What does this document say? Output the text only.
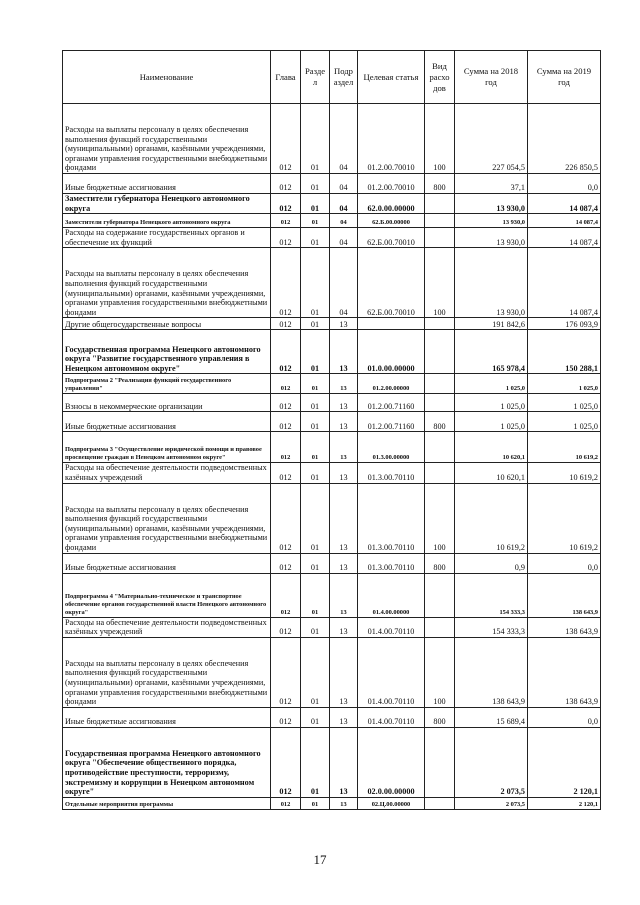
Наименование	Глава	Разде л	Подр аздел	Целевая статья	Вид расхо дов	Сумма на 2018 год	Сумма на 2019 год
Расходы на выплаты персоналу в целях обеспечения выполнения функций государственными (муниципальными) органами, казёнными учреждениями, органами управления государственными внебюджетными фондами	012	01	04	01.2.00.70010	100	227 054,5	226 850,5
Иные бюджетные ассигнования	012	01	04	01.2.00.70010	800	37,1	0,0
Заместители губернатора Ненецкого автономного округа	012	01	04	62.0.00.00000		13 930,0	14 087,4
Заместители губернатора Ненецкого автономного округа	012	01	04	62.Б.00.00000		13 930,0	14 087,4
Расходы на содержание государственных органов и обеспечение их функций	012	01	04	62.Б.00.70010		13 930,0	14 087,4
Расходы на выплаты персоналу в целях обеспечения выполнения функций государственными (муниципальными) органами, казёнными учреждениями, органами управления государственными внебюджетными фондами	012	01	04	62.Б.00.70010	100	13 930,0	14 087,4
Другие общегосударственные вопросы	012	01	13			191 842,6	176 093,9
Государственная программа Ненецкого автономного округа "Развитие государственного управления в Ненецком автономном округе"	012	01	13	01.0.00.00000		165 978,4	150 288,1
Подпрограмма 2 "Реализация функций государственного управления"	012	01	13	01.2.00.00000		1 025,0	1 025,0
Взносы в некоммерческие организации	012	01	13	01.2.00.71160		1 025,0	1 025,0
Иные бюджетные ассигнования	012	01	13	01.2.00.71160	800	1 025,0	1 025,0
Подпрограмма 3 "Осуществление юридической помощи и правовое просвещение граждан в Ненецком автономном округе"	012	01	13	01.3.00.00000		10 620,1	10 619,2
Расходы на обеспечение деятельности подведомственных казённых учреждений	012	01	13	01.3.00.70110		10 620,1	10 619,2
Расходы на выплаты персоналу в целях обеспечения выполнения функций государственными (муниципальными) органами, казёнными учреждениями, органами управления государственными внебюджетными фондами	012	01	13	01.3.00.70110	100	10 619,2	10 619,2
Иные бюджетные ассигнования	012	01	13	01.3.00.70110	800	0,9	0,0
Подпрограмма 4 "Материально-техническое и транспортное обеспечение органов государственной власти Ненецкого автономного округа"	012	01	13	01.4.00.00000		154 333,3	138 643,9
Расходы на обеспечение деятельности подведомственных казённых учреждений	012	01	13	01.4.00.70110		154 333,3	138 643,9
Расходы на выплаты персоналу в целях обеспечения выполнения функций государственными (муниципальными) органами, казёнными учреждениями, органами управления государственными внебюджетными фондами	012	01	13	01.4.00.70110	100	138 643,9	138 643,9
Иные бюджетные ассигнования	012	01	13	01.4.00.70110	800	15 689,4	0,0
Государственная программа Ненецкого автономного округа "Обеспечение общественного порядка, противодействие преступности, терроризму, экстремизму и коррупции в Ненецком автономном округе"	012	01	13	02.0.00.00000		2 073,5	2 120,1
Отдельные мероприятия программы	012	01	13	02.Ц.00.00000		2 073,5	2 120,1
17
